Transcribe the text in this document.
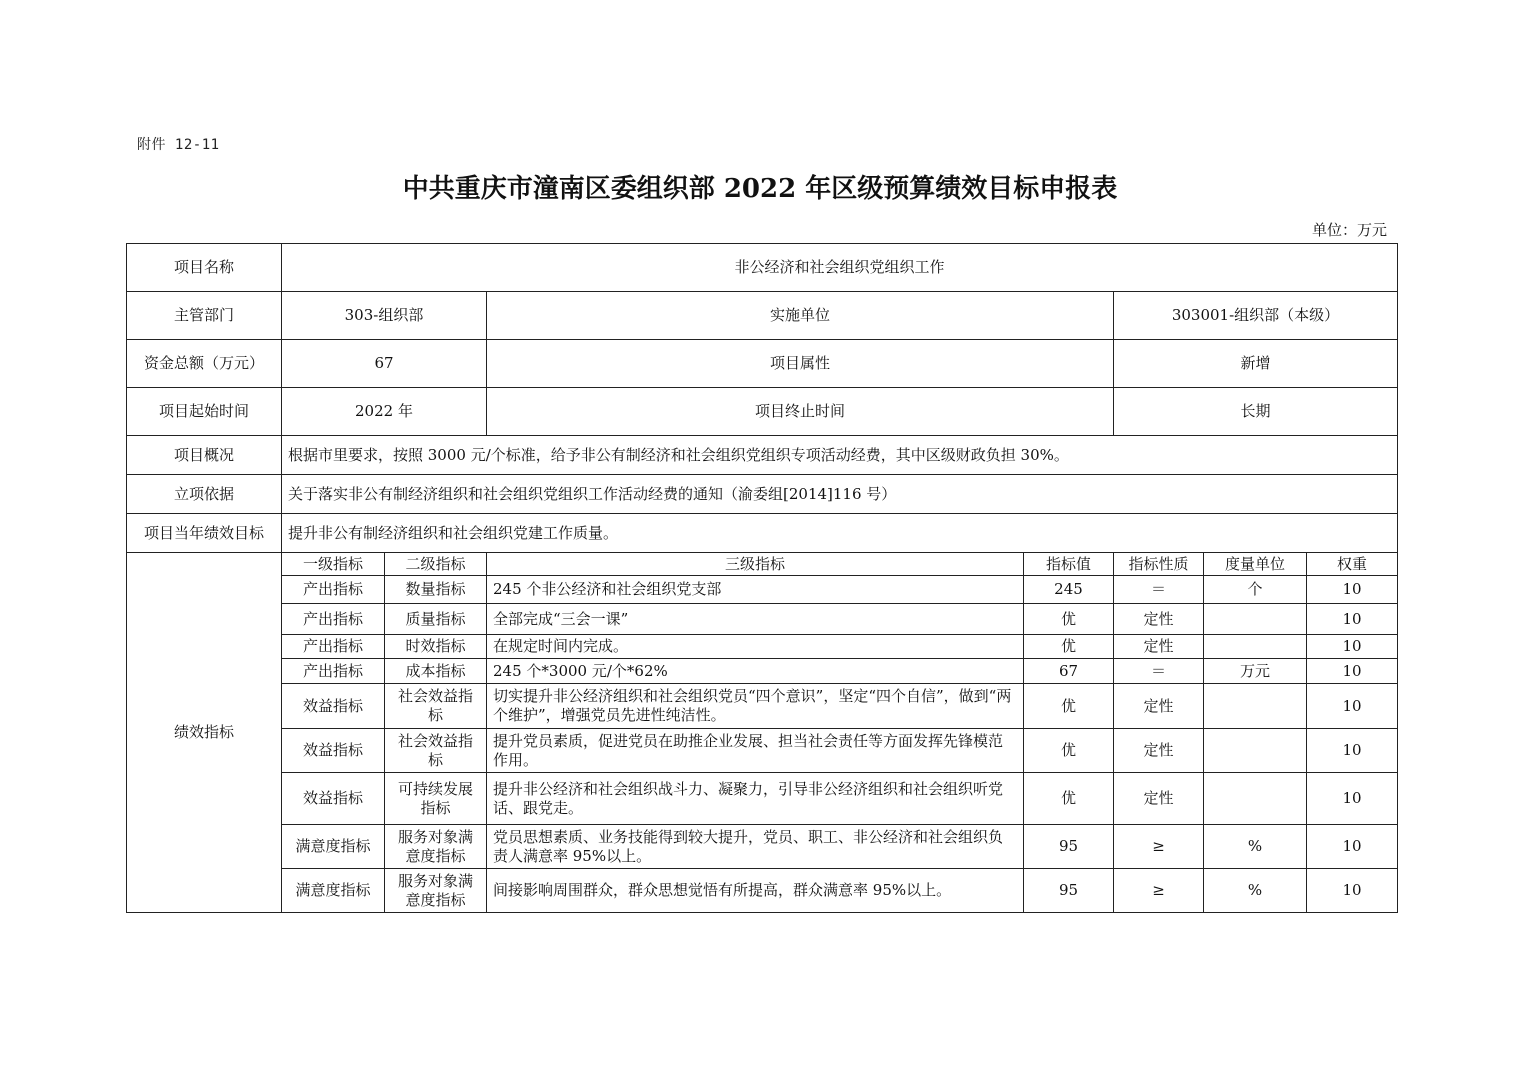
附件 12-11
中共重庆市潼南区委组织部 2022 年区级预算绩效目标申报表
单位：万元
项目名称	非公经济和社会组织党组织工作						
主管部门	303-组织部		实施单位		303001-组织部（本级）		
资金总额（万元）	67		项目属性		新增		
项目起始时间	2022 年		项目终止时间		长期		
项目概况	根据市里要求，按照 3000 元/个标准，给予非公有制经济和社会组织党组织专项活动经费，其中区级财政负担 30%。						
立项依据	关于落实非公有制经济组织和社会组织党组织工作活动经费的通知（渝委组[2014]116 号）						
项目当年绩效目标	提升非公有制经济组织和社会组织党建工作质量。						
绩效指标	一级指标	二级指标	三级指标	指标值	指标性质	度量单位	权重
	产出指标	数量指标	245 个非公经济和社会组织党支部	245	＝	个	10
	产出指标	质量指标	全部完成“三会一课”	优	定性		10
	产出指标	时效指标	在规定时间内完成。	优	定性		10
	产出指标	成本指标	245 个*3000 元/个*62%	67	＝	万元	10
	效益指标	社会效益指标	切实提升非公经济组织和社会组织党员“四个意识”，坚定“四个自信”，做到“两个维护”，增强党员先进性纯洁性。	优	定性		10
	效益指标	社会效益指标	提升党员素质，促进党员在助推企业发展、担当社会责任等方面发挥先锋模范作用。	优	定性		10
	效益指标	可持续发展指标	提升非公经济和社会组织战斗力、凝聚力，引导非公经济组织和社会组织听党话、跟党走。	优	定性		10
	满意度指标	服务对象满意度指标	党员思想素质、业务技能得到较大提升，党员、职工、非公经济和社会组织负责人满意率 95%以上。	95	≥	%	10
	满意度指标	服务对象满意度指标	间接影响周围群众，群众思想觉悟有所提高，群众满意率 95%以上。	95	≥	%	10
